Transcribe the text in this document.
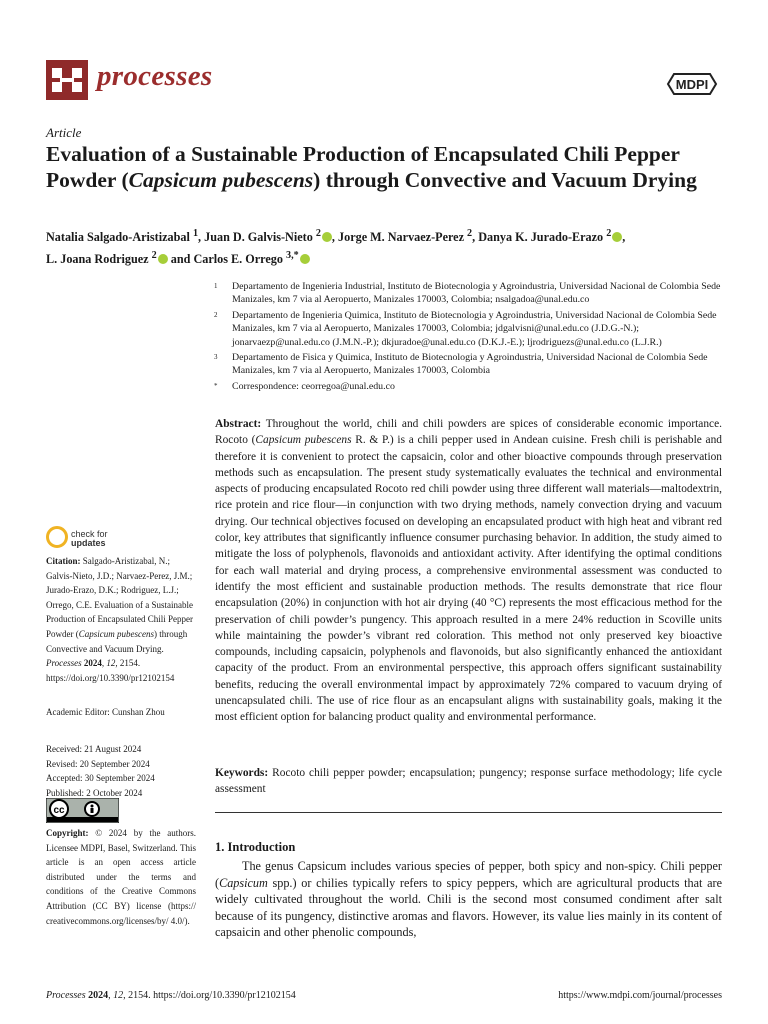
processes	MDPI
Article
Evaluation of a Sustainable Production of Encapsulated Chili Pepper Powder (Capsicum pubescens) through Convective and Vacuum Drying
Natalia Salgado-Aristizabal $^1$, Juan D. Galvis-Nieto $^2$ , Jorge M. Narvaez-Perez $^2$, Danya K. Jurado-Erazo $^2$ ,
L. Joana Rodriguez $^2$ and Carlos E. Orrego $^{3,*}$
1	Departamento de Ingenieria Industrial, Instituto de Biotecnologia y Agroindustria, Universidad Nacional de Colombia Sede Manizales, km 7 via al Aeropuerto, Manizales 170003, Colombia; nsalgadoa@unal.edu.co
2	Departamento de Ingenieria Quimica, Instituto de Biotecnologia y Agroindustria, Universidad Nacional de Colombia Sede Manizales, km 7 via al Aeropuerto, Manizales 170003, Colombia; jdgalvisni@unal.edu.co (J.D.G.-N.); jonarvaezp@unal.edu.co (J.M.N.-P.); dkjuradoe@unal.edu.co (D.K.J.-E.); ljrodriguezs@unal.edu.co (L.J.R.)
3	Departamento de Fisica y Quimica, Instituto de Biotecnologia y Agroindustria, Universidad Nacional de Colombia Sede Manizales, km 7 via al Aeropuerto, Manizales 170003, Colombia
*	Correspondence: ceorregoa@unal.edu.co
Abstract: Throughout the world, chili and chili powders are spices of considerable economic importance. Rocoto (Capsicum pubescens R. & P.) is a chili pepper used in Andean cuisine. Fresh chili is perishable and therefore it is convenient to protect the capsaicin, color and other bioactive compounds through preservation methods such as encapsulation. The present study systematically evaluates the technical and environmental aspects of producing encapsulated Rocoto red chili powder using three different wall materials—maltodextrin, rice protein and rice flour—in conjunction with two drying methods, namely convection drying and vacuum drying. Our technical objectives focused on developing an encapsulated product with high heat and vibrant red color, key attributes that significantly influence consumer purchasing behavior. In addition, the study aimed to mitigate the loss of polyphenols, flavonoids and antioxidant activity. After identifying the optimal conditions for each wall material and drying process, a comprehensive environmental assessment was conducted to identify the most efficient and sustainable production methods. The results demonstrate that rice flour encapsulation (20%) in conjunction with hot air drying (40 °C) represents the most efficacious method for the preservation of chili powder’s pungency. This approach resulted in a mere 24% reduction in Scoville units while maintaining the powder’s vibrant red coloration. This method not only preserved key bioactive compounds, including capsaicin, polyphenols and flavonoids, but also significantly enhanced the antioxidant capacity of the product. From an environmental perspective, this approach offers significant sustainability benefits, reducing the overall environmental impact by approximately 72% compared to vacuum drying of unencapsulated chili. The use of rice flour as an encapsulant aligns with sustainability goals, making it the most efficient option for balancing product quality and environmental performance.
Keywords: Rocoto chili pepper powder; encapsulation; pungency; response surface methodology; life cycle assessment
1. Introduction

The genus Capsicum includes various species of pepper, both spicy and non-spicy. Chili pepper (Capsicum spp.) or chilies typically refers to spicy peppers, which are agricultural products that are widely cultivated throughout the world. Chili is the second most consumed condiment after salt because of its pungency, distinctive aromas and flavors. However, its value lies mainly in its content of capsaicin and other phenolic compounds,

check for
updates
Citation: Salgado-Aristizabal, N.; Galvis-Nieto, J.D.; Narvaez-Perez, J.M.; Jurado-Erazo, D.K.; Rodriguez, L.J.; Orrego, C.E. Evaluation of a Sustainable Production of Encapsulated Chili Pepper Powder (Capsicum pubescens) through Convective and Vacuum Drying. Processes 2024, 12, 2154. https://doi.org/10.3390/pr12102154
Academic Editor: Cunshan Zhou
Received: 21 August 2024
Revised: 20 September 2024
Accepted: 30 September 2024
Published: 2 October 2024
cc
Copyright: © 2024 by the authors. Licensee MDPI, Basel, Switzerland. This article is an open access article distributed under the terms and conditions of the Creative Commons Attribution (CC BY) license (https:// creativecommons.org/licenses/by/ 4.0/).
Processes 2024, 12, 2154. https://doi.org/10.3390/pr12102154	https://www.mdpi.com/journal/processes
